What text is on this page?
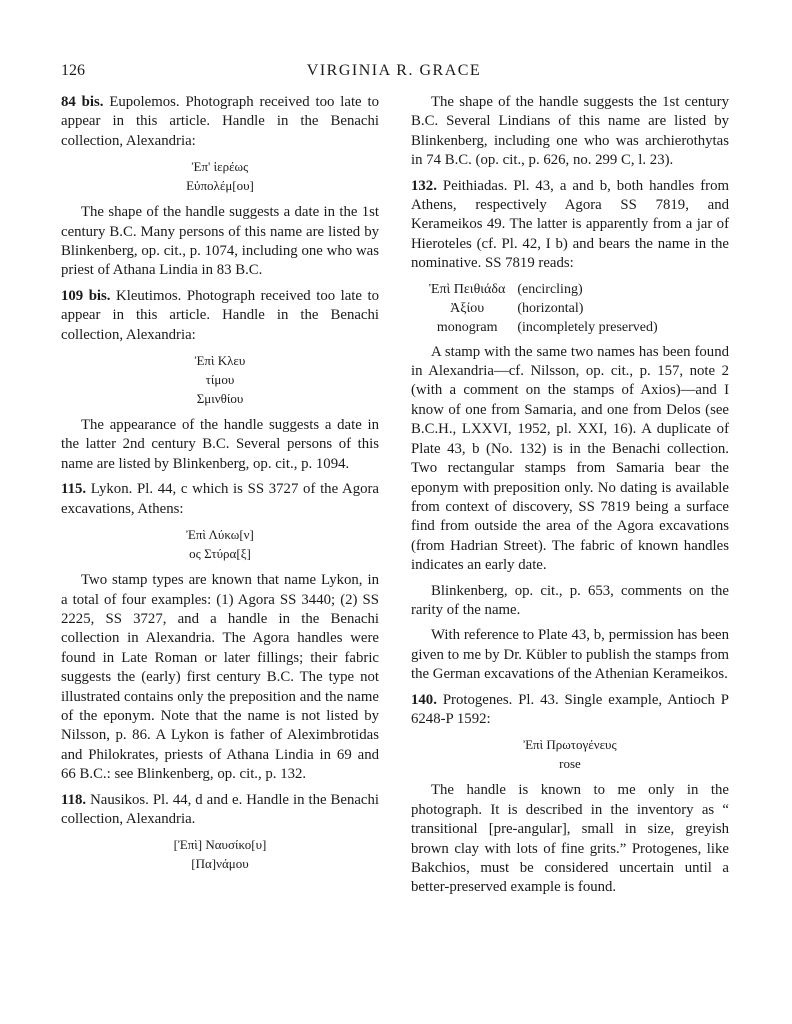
126	VIRGINIA R. GRACE

84 bis. Eupolemos. Photograph received too late to appear in this article. Handle in the Benachi collection, Alexandria:

Ἐπ' ἱερέως
Εὐπολέμ[ου]

The shape of the handle suggests a date in the 1st century B.C. Many persons of this name are listed by Blinkenberg, op. cit., p. 1074, including one who was priest of Athana Lindia in 83 B.C.

109 bis. Kleutimos. Photograph received too late to appear in this article. Handle in the Benachi collection, Alexandria:

Ἐπὶ Κλευ
τίμου
Σμινθίου

The appearance of the handle suggests a date in the latter 2nd century B.C. Several persons of this name are listed by Blinkenberg, op. cit., p. 1094.

115. Lykon. Pl. 44, c which is SS 3727 of the Agora excavations, Athens:

Ἐπὶ Λύκω[ν]
ος Στύρα[ξ]

Two stamp types are known that name Lykon, in a total of four examples: (1) Agora SS 3440; (2) SS 2225, SS 3727, and a handle in the Benachi collection in Alexandria. The Agora handles were found in Late Roman or later fillings; their fabric suggests the (early) first century B.C. The type not illustrated contains only the preposition and the name of the eponym. Note that the name is not listed by Nilsson, p. 86. A Lykon is father of Aleximbrotidas and Philokrates, priests of Athana Lindia in 69 and 66 B.C.: see Blinkenberg, op. cit., p. 132.

118. Nausikos. Pl. 44, d and e. Handle in the Benachi collection, Alexandria.

[Ἐπὶ] Ναυσίκο[υ]
[Πα]νάμου

The shape of the handle suggests the 1st century B.C. Several Lindians of this name are listed by Blinkenberg, including one who was archierothytas in 74 B.C. (op. cit., p. 626, no. 299 C, l. 23).

132. Peithiadas. Pl. 43, a and b, both handles from Athens, respectively Agora SS 7819, and Kerameikos 49. The latter is apparently from a jar of Hieroteles (cf. Pl. 42, I b) and bears the name in the nominative. SS 7819 reads:

Ἐπὶ Πειθιάδα	(encircling)
Ἀξίου	(horizontal)
monogram	(incompletely preserved)

A stamp with the same two names has been found in Alexandria—cf. Nilsson, op. cit., p. 157, note 2 (with a comment on the stamps of Axios)—and I know of one from Samaria, and one from Delos (see B.C.H., LXXVI, 1952, pl. XXI, 16). A duplicate of Plate 43, b (No. 132) is in the Benachi collection. Two rectangular stamps from Samaria bear the eponym with preposition only. No dating is available from context of discovery, SS 7819 being a surface find from outside the area of the Agora excavations (from Hadrian Street). The fabric of known handles indicates an early date.

Blinkenberg, op. cit., p. 653, comments on the rarity of the name.

With reference to Plate 43, b, permission has been given to me by Dr. Kübler to publish the stamps from the German excavations of the Athenian Kerameikos.

140. Protogenes. Pl. 43. Single example, Antioch P 6248-P 1592:

Ἐπὶ Πρωτογένευς
rose

The handle is known to me only in the photograph. It is described in the inventory as “ transitional [pre-angular], small in size, greyish brown clay with lots of fine grits.” Protogenes, like Bakchios, must be considered uncertain until a better-preserved example is found.
